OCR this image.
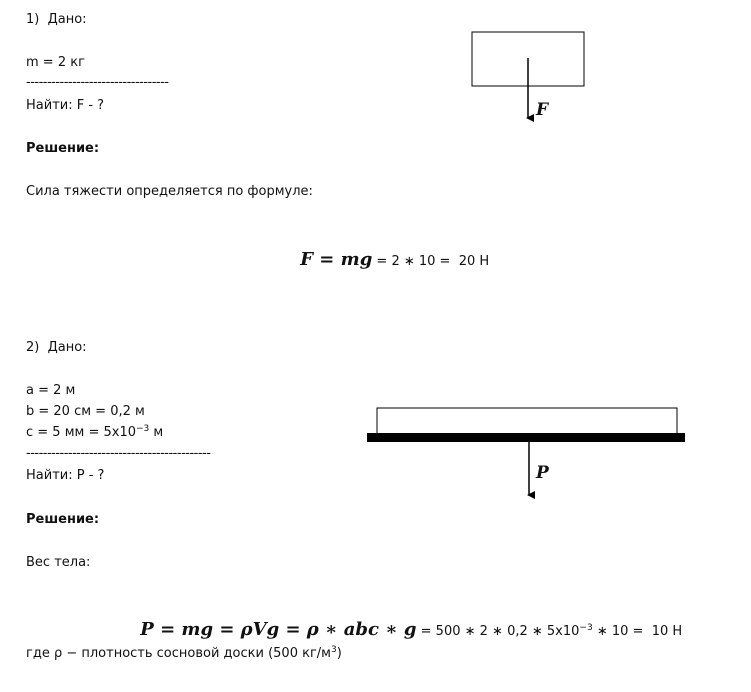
1)  Дано:
m = 2 кг
----------------------------------
Найти: F - ?
Решение:
Сила тяжести определяется по формуле:

F = mg = 2 ∗ 10 =  20 Н

F
2)  Дано:
a = 2 м
b = 20 см = 0,2 м
c = 5 мм = $5x10^{-3}$ м
--------------------------------------------
Найти: P - ?
Решение:
Вес тела:
P

P = mg = ρVg = ρ ∗ abc ∗ g = 500 ∗ 2 ∗ 0,2 ∗ $5x10^{-3}$ ∗ 10 =  10 Н

где ρ − плотность сосновой доски (500 $кг/м^3$)
